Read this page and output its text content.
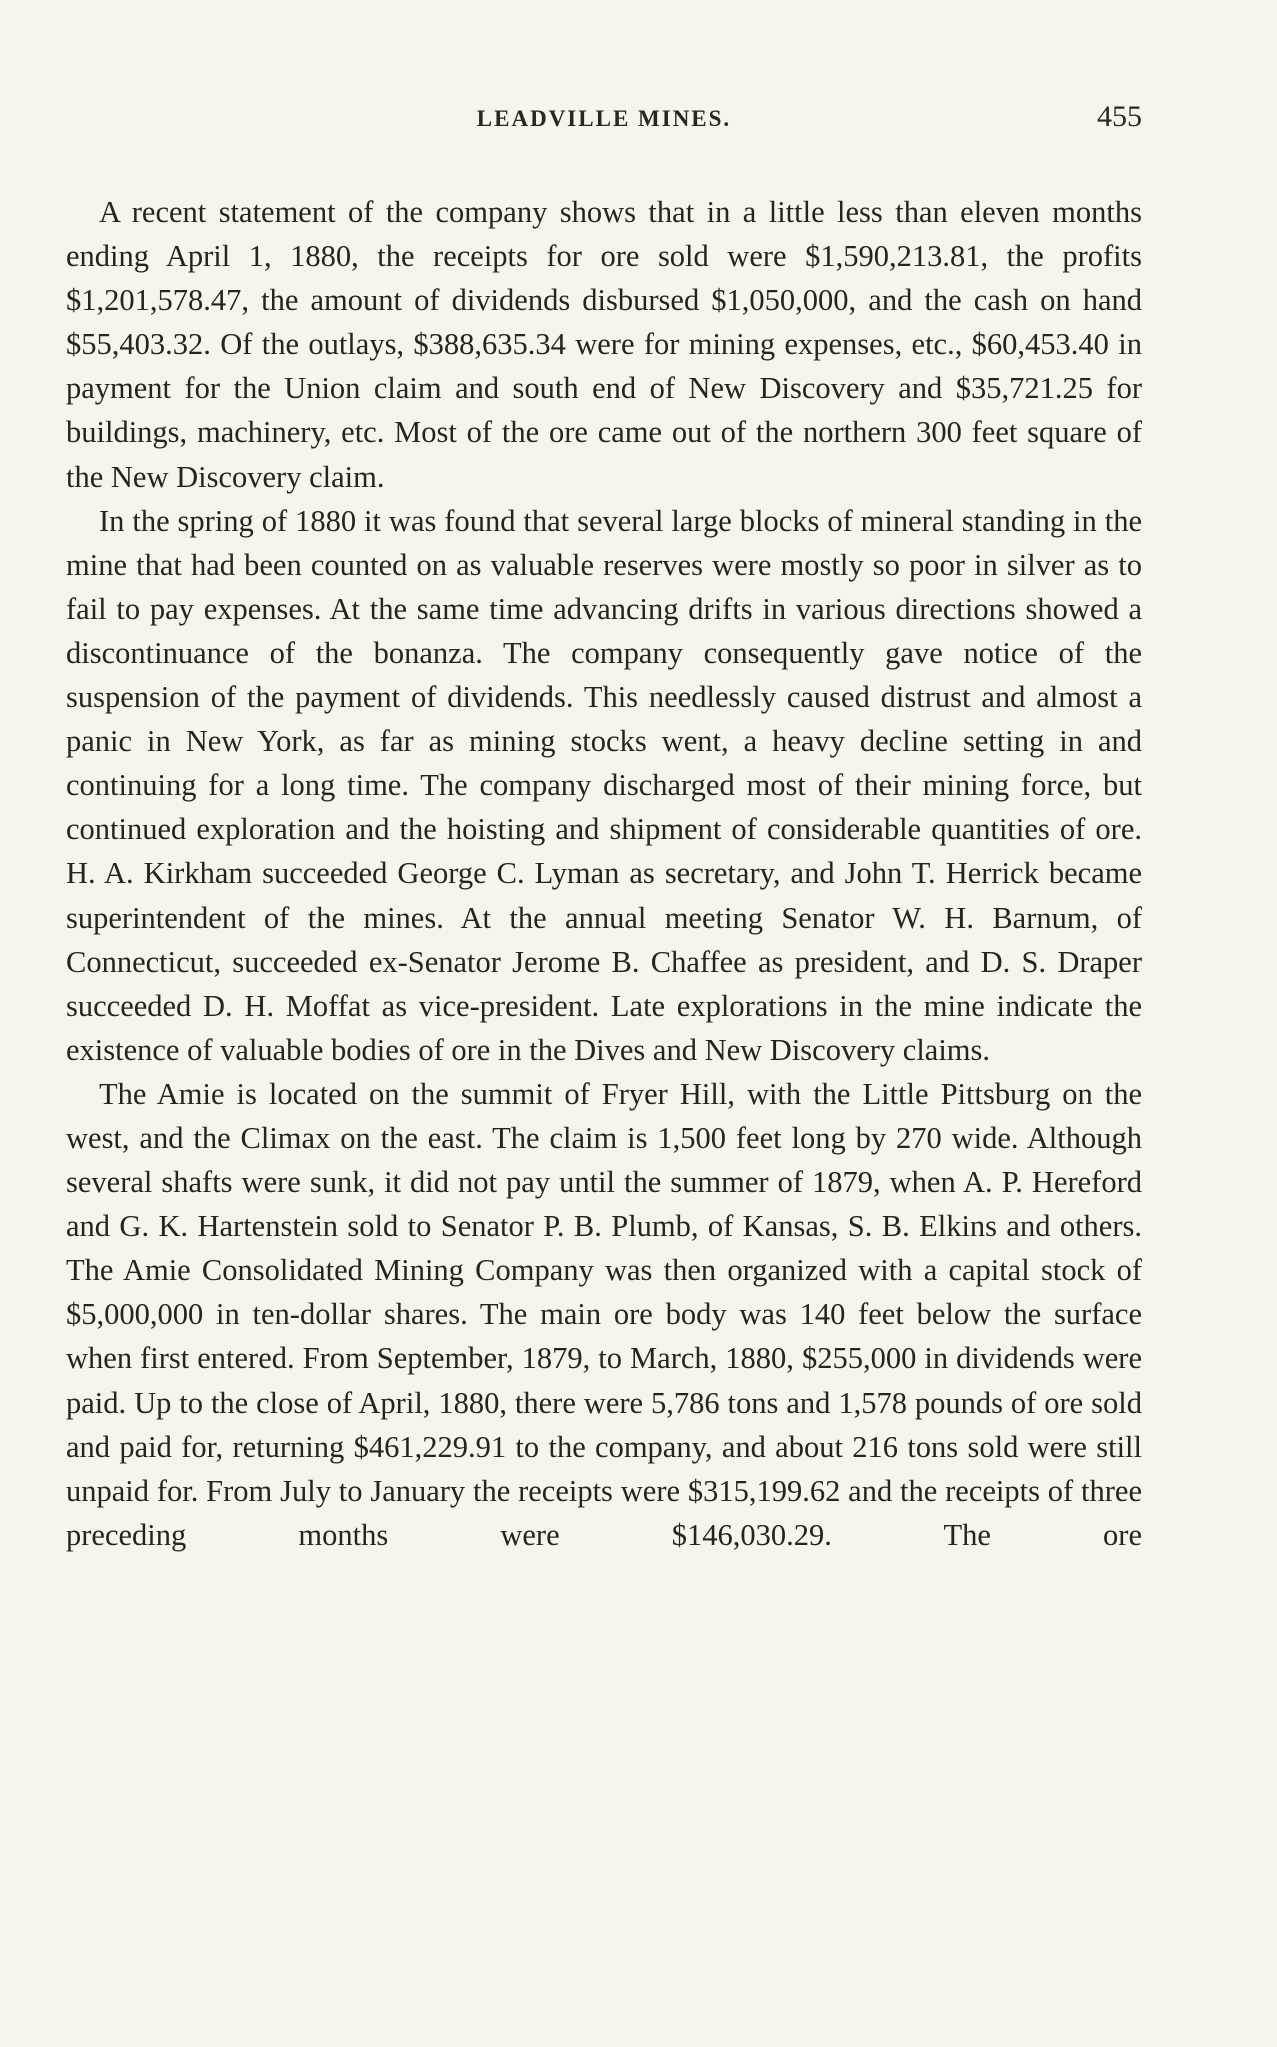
LEADVILLE MINES.	455

A recent statement of the company shows that in a little less than eleven months ending April 1, 1880, the receipts for ore sold were $1,590,213.81, the profits $1,201,578.47, the amount of dividends disbursed $1,050,000, and the cash on hand $55,403.32. Of the outlays, $388,635.34 were for mining expenses, etc., $60,453.40 in payment for the Union claim and south end of New Discovery and $35,721.25 for buildings, machinery, etc. Most of the ore came out of the northern 300 feet square of the New Discovery claim.

In the spring of 1880 it was found that several large blocks of mineral standing in the mine that had been counted on as valuable reserves were mostly so poor in silver as to fail to pay expenses. At the same time advancing drifts in various directions showed a discontinuance of the bonanza. The company consequently gave notice of the suspension of the payment of dividends. This needlessly caused distrust and almost a panic in New York, as far as mining stocks went, a heavy decline setting in and continuing for a long time. The company discharged most of their mining force, but continued exploration and the hoisting and shipment of considerable quantities of ore. H. A. Kirkham succeeded George C. Lyman as secretary, and John T. Herrick became superintendent of the mines. At the annual meeting Senator W. H. Barnum, of Connecticut, succeeded ex-Senator Jerome B. Chaffee as president, and D. S. Draper succeeded D. H. Moffat as vice-president. Late explorations in the mine indicate the existence of valuable bodies of ore in the Dives and New Discovery claims.

The Amie is located on the summit of Fryer Hill, with the Little Pittsburg on the west, and the Climax on the east. The claim is 1,500 feet long by 270 wide. Although several shafts were sunk, it did not pay until the summer of 1879, when A. P. Hereford and G. K. Hartenstein sold to Senator P. B. Plumb, of Kansas, S. B. Elkins and others. The Amie Consolidated Mining Company was then organized with a capital stock of $5,000,000 in ten-dollar shares. The main ore body was 140 feet below the surface when first entered. From September, 1879, to March, 1880, $255,000 in dividends were paid. Up to the close of April, 1880, there were 5,786 tons and 1,578 pounds of ore sold and paid for, returning $461,229.91 to the company, and about 216 tons sold were still unpaid for. From July to January the receipts were $315,199.62 and the receipts of three preceding months were $146,030.29. The ore
